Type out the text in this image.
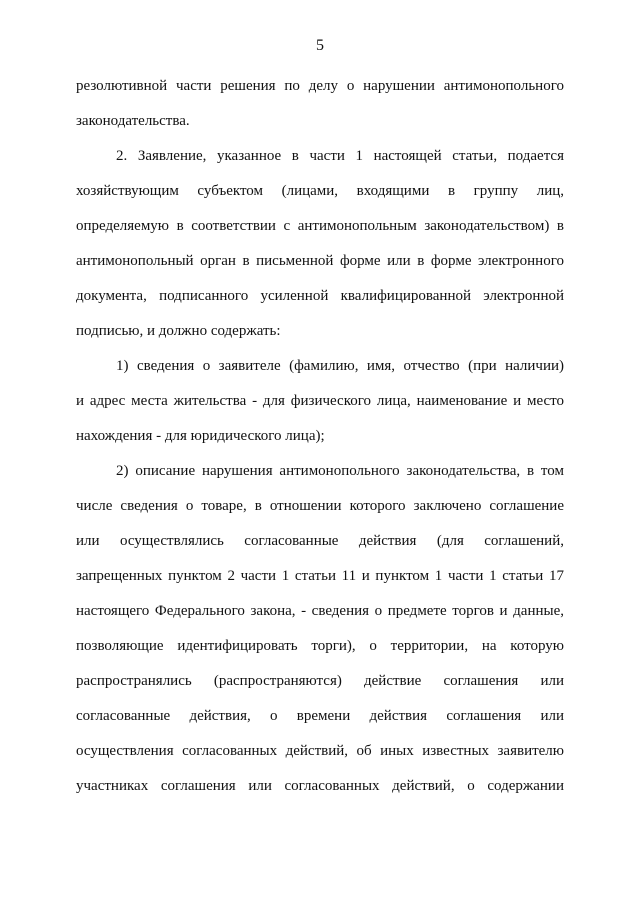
5
резолютивной части решения по делу о нарушении антимонопольного
законодательства.
2. Заявление, указанное в части 1 настоящей статьи, подается
хозяйствующим субъектом (лицами, входящими в группу лиц,
определяемую в соответствии с антимонопольным законодательством) в
антимонопольный орган в письменной форме или в форме электронного
документа, подписанного усиленной квалифицированной электронной
подписью, и должно содержать:
1) сведения о заявителе (фамилию, имя, отчество (при наличии)
и адрес места жительства - для физического лица, наименование и место
нахождения - для юридического лица);
2) описание нарушения антимонопольного законодательства, в том
числе сведения о товаре, в отношении которого заключено соглашение
или осуществлялись согласованные действия (для соглашений,
запрещенных пунктом 2 части 1 статьи 11 и пунктом 1 части 1 статьи 17
настоящего Федерального закона, - сведения о предмете торгов и данные,
позволяющие идентифицировать торги), о территории, на которую
распространялись (распространяются) действие соглашения или
согласованные действия, о времени действия соглашения или
осуществления согласованных действий, об иных известных заявителю
участниках соглашения или согласованных действий, о содержании
